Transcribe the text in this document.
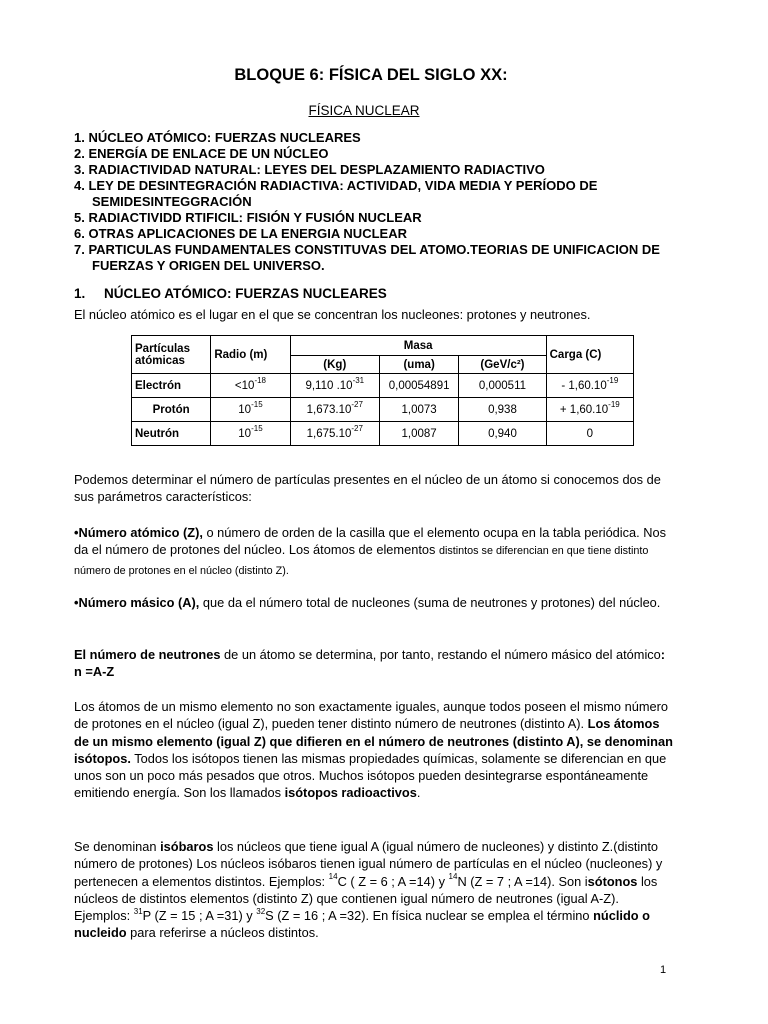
BLOQUE 6: FÍSICA DEL SIGLO XX:
FÍSICA NUCLEAR
1. NÚCLEO ATÓMICO: FUERZAS NUCLEARES
2. ENERGÍA DE ENLACE DE UN NÚCLEO
3. RADIACTIVIDAD NATURAL: LEYES DEL DESPLAZAMIENTO RADIACTIVO
4. LEY DE DESINTEGRACIÓN RADIACTIVA: ACTIVIDAD, VIDA MEDIA Y PERÍODO DE
SEMIDESINTEGGRACIÓN
5. RADIACTIVIDD RTIFICIL: FISIÓN Y FUSIÓN NUCLEAR
6. OTRAS APLICACIONES DE LA ENERGIA NUCLEAR
7. PARTICULAS FUNDAMENTALES CONSTITUVAS DEL ATOMO.TEORIAS DE UNIFICACION DE
FUERZAS Y ORIGEN DEL UNIVERSO.
1. NÚCLEO ATÓMICO: FUERZAS NUCLEARES
El núcleo atómico es el lugar en el que se concentran los nucleones: protones y neutrones.
Partículas atómicas	Radio (m)	Masa			Carga (C)
		(Kg)	(uma)	(GeV/c²)	
Electrón	$<10^{-18}$	9,110 $.10^{-31}$	0,00054891	0,000511	- $1,60.10^{-19}$
Protón	$10^{-15}$	$1,673.10^{-27}$	1,0073	0,938	+ $1,60.10^{-19}$
Neutrón	$10^{-15}$	$1,675.10^{-27}$	1,0087	0,940	0
Podemos determinar el número de partículas presentes en el núcleo de un átomo si conocemos dos de sus parámetros característicos:
•Número atómico (Z), o número de orden de la casilla que el elemento ocupa en la tabla periódica. Nos da el número de protones del núcleo. Los átomos de elementos distintos se diferencian en que tiene distinto número de protones en el núcleo (distinto Z).
•Número másico (A), que da el número total de nucleones (suma de neutrones y protones) del núcleo.
El número de neutrones de un átomo se determina, por tanto, restando el número másico del atómico: n =A-Z
Los átomos de un mismo elemento no son exactamente iguales, aunque todos poseen el mismo número de protones en el núcleo (igual Z), pueden tener distinto número de neutrones (distinto A). Los átomos de un mismo elemento (igual Z) que difieren en el número de neutrones (distinto A), se denominan isótopos. Todos los isótopos tienen las mismas propiedades químicas, solamente se diferencian en que unos son un poco más pesados que otros. Muchos isótopos pueden desintegrarse espontáneamente emitiendo energía. Son los llamados isótopos radioactivos.
Se denominan isóbaros los núcleos que tiene igual A (igual número de nucleones) y distinto Z.(distinto número de protones) Los núcleos isóbaros tienen igual número de partículas en el núcleo (nucleones) y pertenecen a elementos distintos. Ejemplos: $^{14}$C ( Z = 6 ; A =14) y $^{14}$N (Z = 7 ; A =14). Son isótonos los núcleos de distintos elementos (distinto Z) que contienen igual número de neutrones (igual A-Z). Ejemplos: $^{31}$P (Z = 15 ; A =31) y $^{32}$S (Z = 16 ; A =32). En física nuclear se emplea el término núclido o nucleido para referirse a núcleos distintos.
1
